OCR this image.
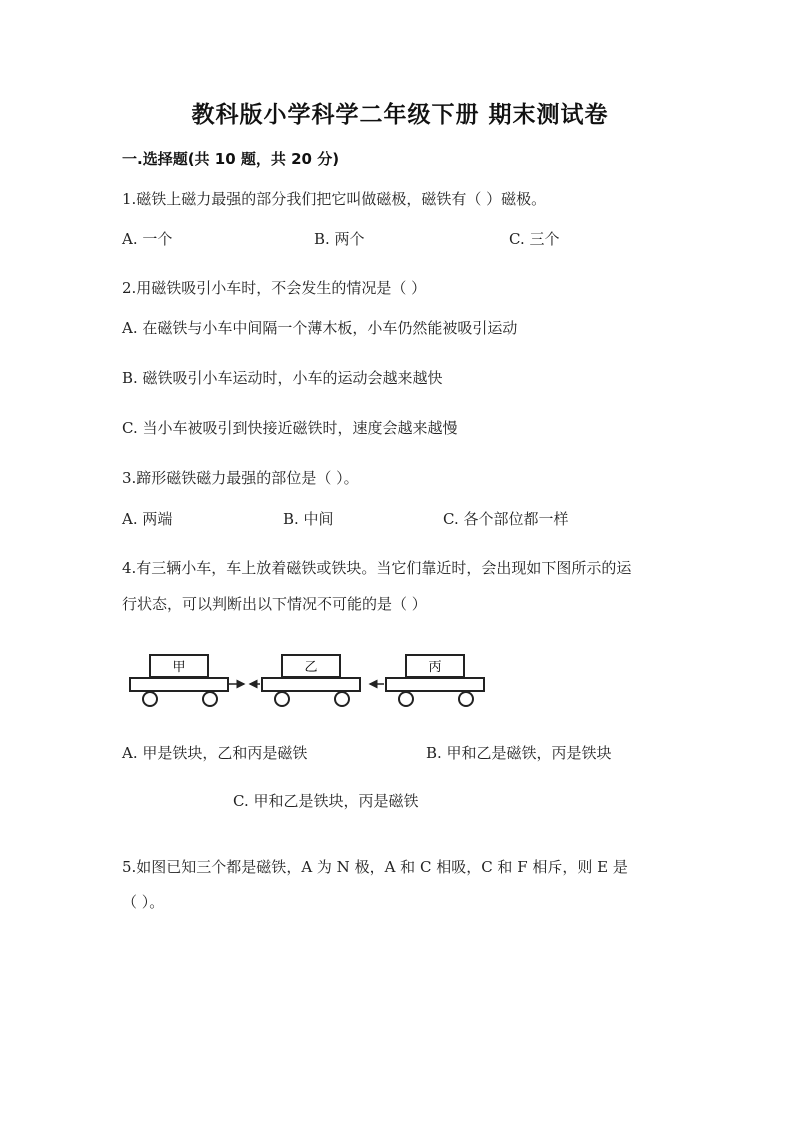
教科版小学科学二年级下册 期末测试卷
一.选择题(共 10 题，共 20 分)
1.磁铁上磁力最强的部分我们把它叫做磁极，磁铁有（ ）磁极。
A. 一个	B. 两个	C. 三个
2.用磁铁吸引小车时，不会发生的情况是（ ）
A. 在磁铁与小车中间隔一个薄木板，小车仍然能被吸引运动
B. 磁铁吸引小车运动时，小车的运动会越来越快
C. 当小车被吸引到快接近磁铁时，速度会越来越慢
3.蹄形磁铁磁力最强的部位是（ ）。
A. 两端	B. 中间	C. 各个部位都一样
4.有三辆小车，车上放着磁铁或铁块。当它们靠近时，会出现如下图所示的运
行状态，可以判断出以下情况不可能的是（ ）
甲	乙	丙
A. 甲是铁块，乙和丙是磁铁	B. 甲和乙是磁铁，丙是铁块
C. 甲和乙是铁块，丙是磁铁
5.如图已知三个都是磁铁，A 为 N 极，A 和 C 相吸，C 和 F 相斥，则 E 是
（ ）。
